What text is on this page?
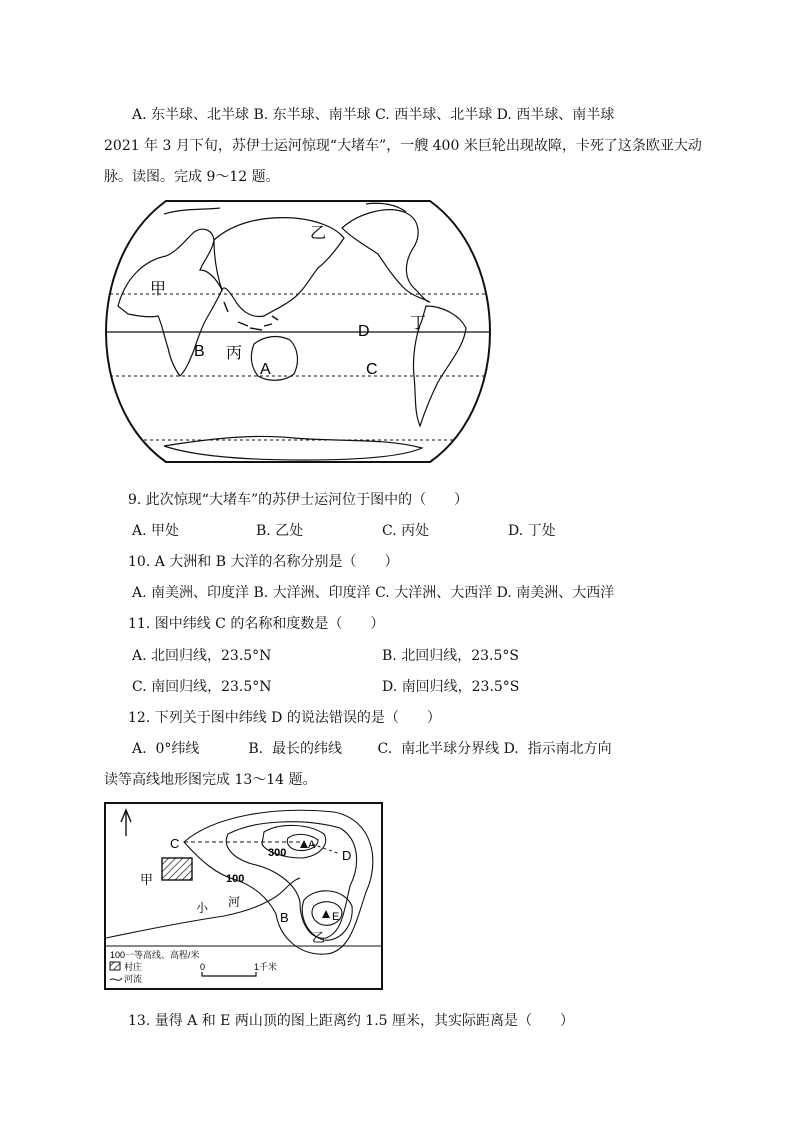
A. 东半球、北半球 B. 东半球、南半球 C. 西半球、北半球 D. 西半球、南半球
2021 年 3 月下旬，苏伊士运河惊现“大堵车”，一艘 400 米巨轮出现故障，卡死了这条欧亚大动
脉。读图。完成 9～12 题。
甲
乙
丙
丁
A
B
C
D
9. 此次惊现“大堵车”的苏伊士运河位于图中的（　　）
A. 甲处	B. 乙处	C. 丙处	D. 丁处
10. A 大洲和 B 大洋的名称分别是（　　）
A. 南美洲、印度洋 B. 大洋洲、印度洋 C. 大洋洲、大西洋 D. 南美洲、大西洋
11. 图中纬线 C 的名称和度数是（　　）
A. 北回归线，23.5°N	B. 北回归线，23.5°S
C. 南回归线，23.5°N	D. 南回归线，23.5°S
12. 下列关于图中纬线 D 的说法错误的是（　　）
A.  0°纬线           B.  最长的纬线        C.  南北半球分界线 D.  指示南北方向
读等高线地形图完成 13～14 题。
C	A
D
E
B
甲
乙
300
100
小 河
100一等高线、高程/米
村庄
河流
0	1千米
13. 量得 A 和 E 两山顶的图上距离约 1.5 厘米，其实际距离是（　　）
